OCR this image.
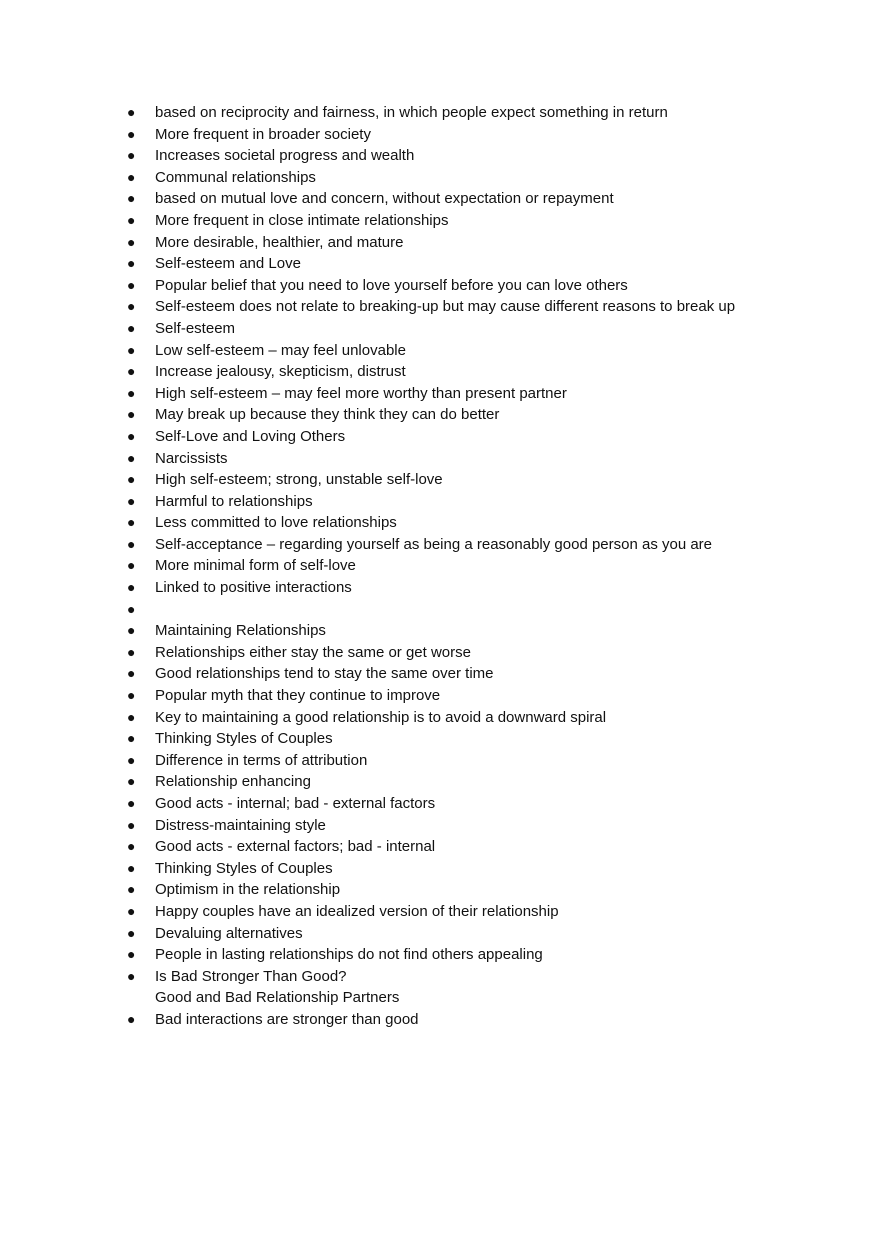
●	based on reciprocity and fairness, in which people expect something in return
●	More frequent in broader society
●	Increases societal progress and wealth
●	Communal relationships
●	based on mutual love and concern, without expectation or repayment
●	More frequent in close intimate relationships
●	More desirable, healthier, and mature
●	Self-esteem and Love
●	Popular belief that you need to love yourself before you can love others
●	Self-esteem does not relate to breaking-up but may cause different reasons to break up
●	Self-esteem
●	Low self-esteem – may feel unlovable
●	Increase jealousy, skepticism, distrust
●	High self-esteem – may feel more worthy than present partner
●	May break up because they think they can do better
●	Self-Love and Loving Others
●	Narcissists
●	High self-esteem; strong, unstable self-love
●	Harmful to relationships
●	Less committed to love relationships
●	Self-acceptance – regarding yourself as being a reasonably good person as you are
●	More minimal form of self-love
●	Linked to positive interactions
●
●	Maintaining Relationships
●	Relationships either stay the same or get worse
●	Good relationships tend to stay the same over time
●	Popular myth that they continue to improve
●	Key to maintaining a good relationship is to avoid a downward spiral
●	Thinking Styles of Couples
●	Difference in terms of attribution
●	Relationship enhancing
●	Good acts - internal; bad - external factors
●	Distress-maintaining style
●	Good acts - external factors; bad - internal
●	Thinking Styles of Couples
●	Optimism in the relationship
●	Happy couples have an idealized version of their relationship
●	Devaluing alternatives
●	People in lasting relationships do not find others appealing
●	Is Bad Stronger Than Good?
Good and Bad Relationship Partners
●	Bad interactions are stronger than good
